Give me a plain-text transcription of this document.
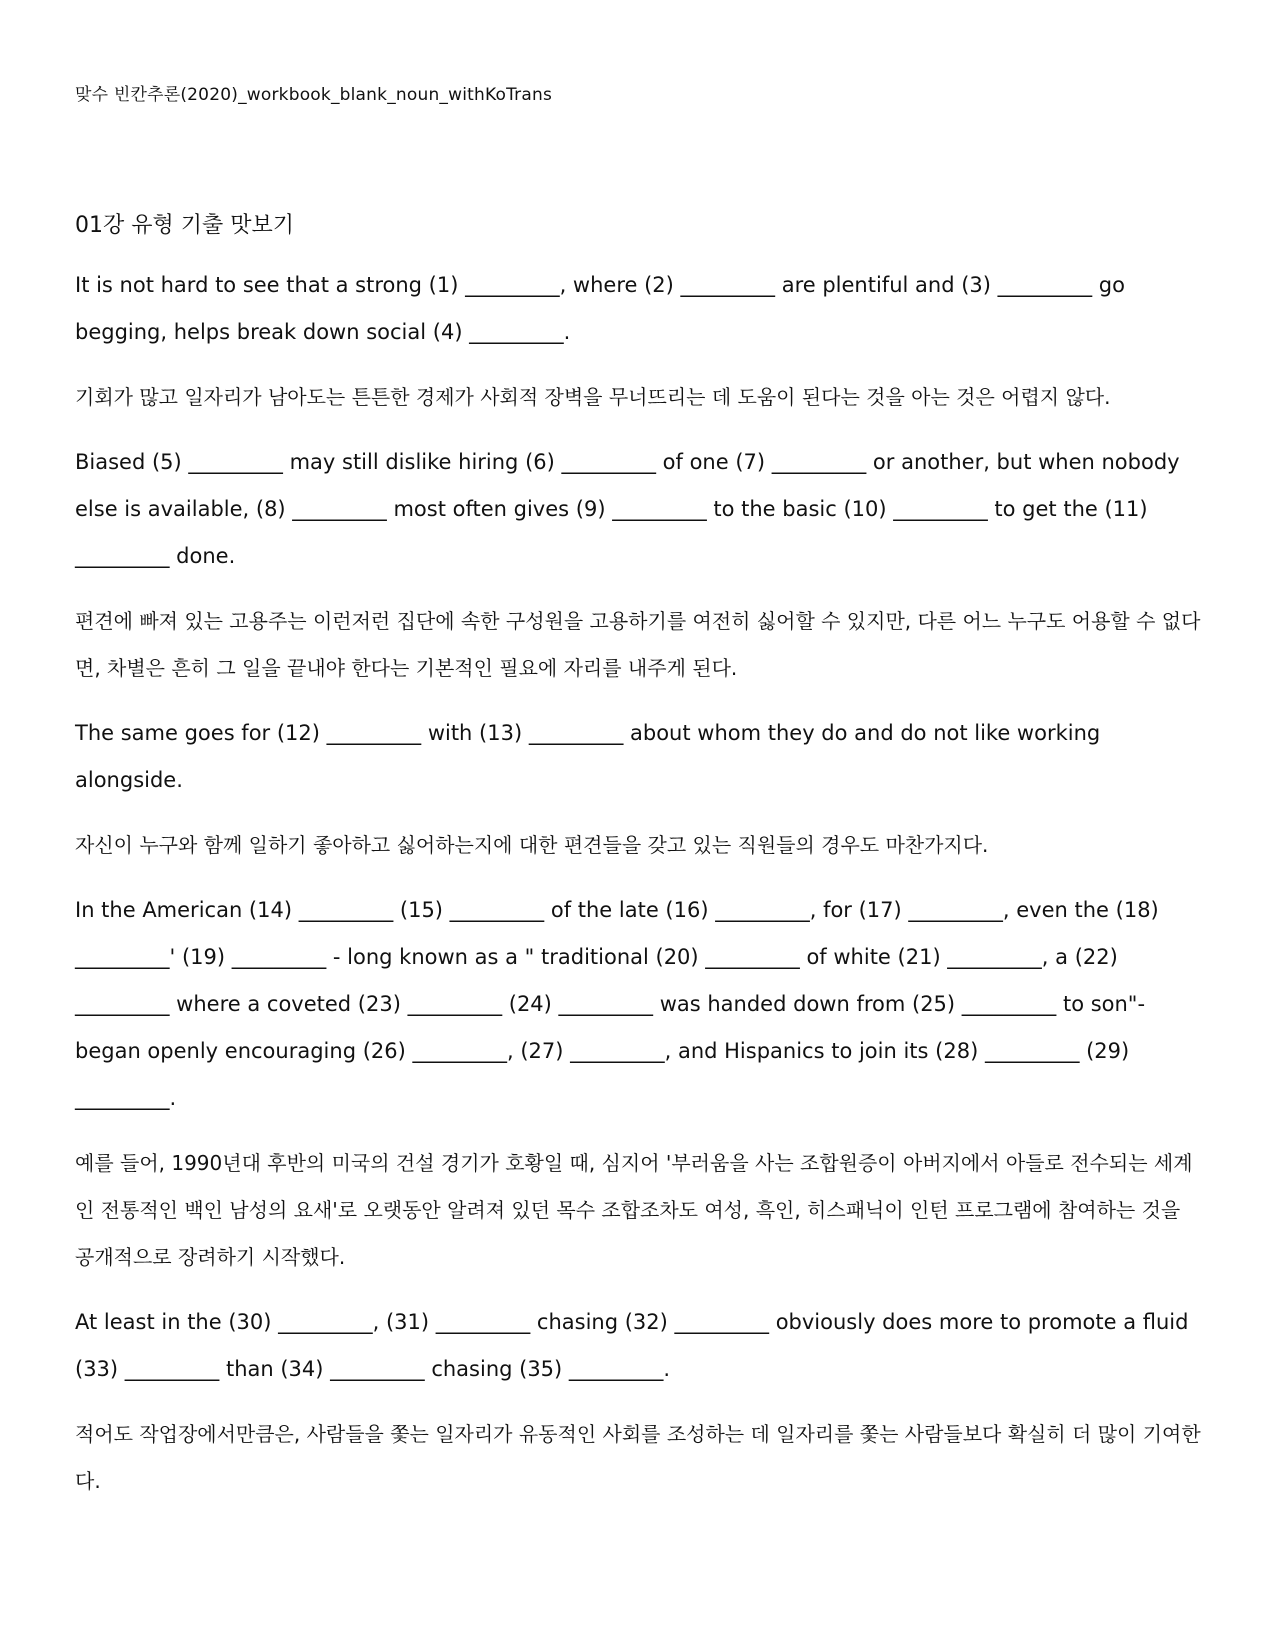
맞수 빈칸추론(2020)_workbook_blank_noun_withKoTrans
01강 유형 기출 맛보기

It is not hard to see that a strong (1) _________, where (2) _________ are plentiful and (3) _________ go begging, helps break down social (4) _________.

기회가 많고 일자리가 남아도는 튼튼한 경제가 사회적 장벽을 무너뜨리는 데 도움이 된다는 것을 아는 것은 어렵지 않다.

Biased (5) _________ may still dislike hiring (6) _________ of one (7) _________ or another, but when nobody else is available, (8) _________ most often gives (9) _________ to the basic (10) _________ to get the (11) _________ done.

편견에 빠져 있는 고용주는 이런저런 집단에 속한 구성원을 고용하기를 여전히 싫어할 수 있지만, 다른 어느 누구도 어용할 수 없다면, 차별은 흔히 그 일을 끝내야 한다는 기본적인 필요에 자리를 내주게 된다.

The same goes for (12) _________ with (13) _________ about whom they do and do not like working alongside.

자신이 누구와 함께 일하기 좋아하고 싫어하는지에 대한 편견들을 갖고 있는 직원들의 경우도 마찬가지다.

In the American (14) _________ (15) _________ of the late (16) _________, for (17) _________, even the (18) _________' (19) _________ - long known as a " traditional (20) _________ of white (21) _________, a (22) _________ where a coveted (23) _________ (24) _________ was handed down from (25) _________ to son"-began openly encouraging (26) _________, (27) _________, and Hispanics to join its (28) _________ (29) _________.

예를 들어, 1990년대 후반의 미국의 건설 경기가 호황일 때, 심지어 '부러움을 사는 조합원증이 아버지에서 아들로 전수되는 세계인 전통적인 백인 남성의 요새'로 오랫동안 알려져 있던 목수 조합조차도 여성, 흑인, 히스패닉이 인턴 프로그램에 참여하는 것을 공개적으로 장려하기 시작했다.

At least in the (30) _________, (31) _________ chasing (32) _________ obviously does more to promote a fluid (33) _________ than (34) _________ chasing (35) _________.

적어도 작업장에서만큼은, 사람들을 쫓는 일자리가 유동적인 사회를 조성하는 데 일자리를 쫓는 사람들보다 확실히 더 많이 기여한다.
